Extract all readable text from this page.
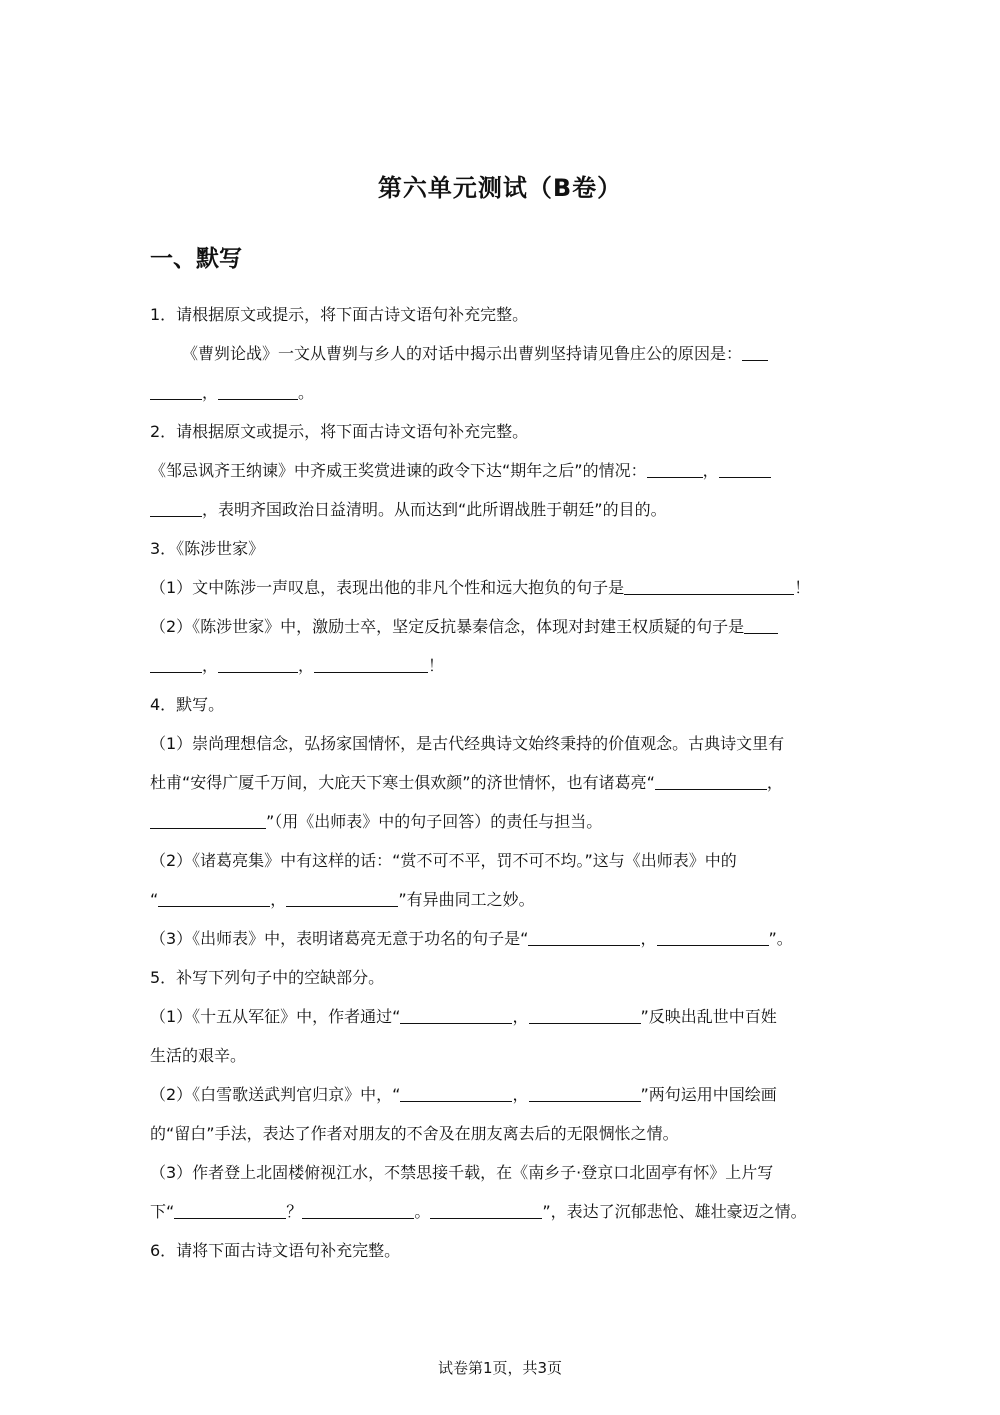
第六单元测试（B卷）
一、默写
1．请根据原文或提示，将下面古诗文语句补充完整。
《曹刿论战》一文从曹刿与乡人的对话中揭示出曹刿坚持请见鲁庄公的原因是：
，	。
2．请根据原文或提示，将下面古诗文语句补充完整。
《邹忌讽齐王纳谏》中齐威王奖赏进谏的政令下达“期年之后”的情况：	，
，表明齐国政治日益清明。从而达到“此所谓战胜于朝廷”的目的。
3．《陈涉世家》
（1）文中陈涉一声叹息，表现出他的非凡个性和远大抱负的句子是	！
（2）《陈涉世家》中，激励士卒，坚定反抗暴秦信念，体现对封建王权质疑的句子是
，	，	！
4．默写。
（1）崇尚理想信念，弘扬家国情怀，是古代经典诗文始终秉持的价值观念。古典诗文里有
杜甫“安得广厦千万间，大庇天下寒士俱欢颜”的济世情怀，也有诸葛亮“	，
”（用《出师表》中的句子回答）的责任与担当。
（2）《诸葛亮集》中有这样的话：“赏不可不平，罚不可不均。”这与《出师表》中的
“	，	”有异曲同工之妙。
（3）《出师表》中，表明诸葛亮无意于功名的句子是“	，	”。
5．补写下列句子中的空缺部分。
（1）《十五从军征》中，作者通过“	，	”反映出乱世中百姓
生活的艰辛。
（2）《白雪歌送武判官归京》中，“	，	”两句运用中国绘画
的“留白”手法，表达了作者对朋友的不舍及在朋友离去后的无限惆怅之情。
（3）作者登上北固楼俯视江水，不禁思接千载，在《南乡子·登京口北固亭有怀》上片写
下“	？	。	”，表达了沉郁悲怆、雄壮豪迈之情。
6．请将下面古诗文语句补充完整。
试卷第1页，共3页
